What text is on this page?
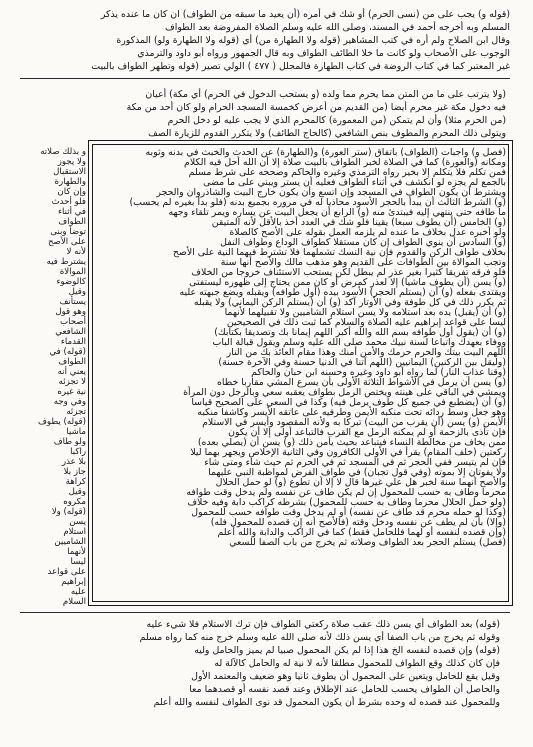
(قوله و) يجب على من (نسى الحرم) أو شك في أمره (أن يعيد ما سبقه من الطواف) ان كان ما عنده يذكر
المسلم وبه أخرجه أحمد في المسند، وصلى الله عليه وسلم الصلاة المفروضة بعد الطواف
وقال ابن الصلاح ولم أره في كتب المشاهير (قوله ولا الطهارة من) أي (قوله ولا الطهارة ولو) المذكورة
الوجوب على الأصحاب ولو كانت ما خلا الطائف الطواف وبه قال الجمهور ورواه أبو داود والترمذي
غير المعتبر كما في كتاب الروضة في كتاب الطهارة فالمحلل ( ٤٧٧ ) الولي تصير (قوله وتطهر الطواف بالبيت
(ولا يترتب على ما من المتن مما يحرم مما ولده (و يستحب الدخول في الحرم) أي مكة) أعيان
فيه دخول مكة غير محرم أيضا (من القديم من أعرض كخمسة المسجد الحرام ولو كان أحد من مكة
(من الحرم مثلا) وأن لم يتمكن (من المعمورة) كالمحرم الذي لا يجب عليه لو دخل الحرم
ويتولى ذلك المحرم والمطوف بنص الشافعي (كالحاج الطائف) ولا يتكرر القدوم للزيارة الصف
(فصل و) واجبات (الطواف) باتفاق (ستر العورة) و(الطهارة) عن الحدث والخبث في بدنه وثوبه
ومكانه (والعورة) كما في الصلاة لخبر الطواف بالبيت صلاة إلا أن الله أحل فيه الكلام
فمن تكلم فلا يتكلم إلا بخير رواه الترمذي وغيره والحاكم وصححه على شرط مسلم
بالجمع لم يجزه لو انكشف في أثناء الطواف فعليه أن يستر ويبني على ما مضى
ويشترط أن يكون الطواف في المسجد وإن اتسع وأن يكون خارج البيت والشاذروان والحجر
(و) الشرط الثالث أن يبدأ بالحجر الأسود محاذيا له في مروره بجميع بدنه (فلو بدأ بغيره لم يحسب)
ما طافه حتى ينتهي إليه فيبتدئ منه (و) الرابع أن يجعل البيت عن يساره ويمر تلقاء وجهه
(و) الخامس (أن يطوف سبعا) يقينا فلو شك في العدد أخذ بالأقل لأنه المتيقن
ولو أخبره عدل بخلاف ما عنده لم يلزمه العمل بقوله على الأصح كالصلاة
(و) السادس أن ينوي الطواف إن كان مستقلا كطواف الوداع وطواف النفل
بخلاف طواف الركن والقدوم فإن نية النسك تشملهما فلا تشترط فيهما النية على الأصح
وتجب الموالاة بين الطوافات على القديم وهو مذهب مالك والأصح أنها سنة
فلو فرقه تفريقا كثيرا بغير عذر لم يبطل لكن يستحب الاستئناف خروجا من الخلاف
(و) يسن (أن يطوف ماشيا) إلا لعذر كمرض أو كان ممن يحتاج إلى ظهوره ليستفتى
ويقتدى بفعله (و) أن (يستلم الحجر) الأسود بيده (أول طوافه) ويقبله ويضع جبهته عليه
ثم يكرر ذلك في كل طوفة وفي الأوتار آكد (و) أن (يستلم الركن اليماني) ولا يقبله
(و) أن (يقبل) يده بعد استلامه ولا يسن استلام الشاميين ولا تقبيلهما لأنهما
ليسا على قواعد إبراهيم عليه الصلاة والسلام كما ثبت ذلك في الصحيحين
(و) أن (يقول أول طوافه بسم الله والله أكبر اللهم إيمانا بك وتصديقا بكتابك)
ووفاء بعهدك واتباعا لسنة نبيك محمد صلى الله عليه وسلم ويقول قبالة الباب
اللهم البيت بيتك والحرم حرمك والأمن أمنك وهذا مقام العائذ بك من النار
(وليقل بين الركنين) اليمانيين (اللهم آتنا في الدنيا حسنة وفي الآخرة حسنة)
(وقنا عذاب النار) لما رواه أبو داود وغيره وحسنه ابن حبان والحاكم
(و) يسن أن يرمل في الأشواط الثلاثة الأولى بأن يسرع المشي مقاربا خطاه
ويمشي في الباقي على هينته ويختص الرمل بطواف يعقبه سعي وبالرجل دون المرأة
(و) أن (يضطبع في جميع كل طوف يرمل فيه) وكذا في السعي على الصحيح قياسا
وهو جعل وسط ردائه تحت منكبه الأيمن وطرفيه على عاتقه الأيسر وكاشفا منكبه
الأيمن (و) يسن (أن يقرب من البيت) تبركا به ولأنه المقصود وأيسر في الاستلام
فإن تأذى بالزحمة أو لم يمكنه الرمل مع القرب فالتباعد أولى إلا أن يكون
ممن يخاف من مخالطة النساء فيتباعد بحيث يأمن ذلك (و) يسن أن (يصلي بعده)
ركعتين (خلف المقام) يقرأ في الأولى الكافرون وفي الثانية الإخلاص ويجهر بهما ليلا
فإن لم يتيسر ففي الحجر ثم في المسجد ثم في الحرم ثم حيث شاء ومتى شاء
ولا يفوتان إلا بموته (وفي قول تجبان) في طواف الفرض لمواظبة النبي عليهما
والأصح أنهما سنة لخبر هل علي غيرها قال لا إلا أن تطوع (و) لو حمل الحلال
محرما وطاف به حسب للمحمول إن لم يكن طاف عن نفسه ولم يدخل وقت طوافه
(ولو حمل الحلال محرما وطاف به حسب للمحمول) بشرطه كراكب دابة وفيه خلاف
(وكذا لو حمله محرم قد طاف عن نفسه) أو لم يدخل وقت طوافه حسب للمحمول
(وإلا) بأن لم يطف عن نفسه ودخل وقته (فالأصح أنه إن قصده للمحمول فله)
(وإن قصده لنفسه أو لهما فللحامل فقط) كما في الراكب والدابة والله أعلم
(فصل) يستلم الحجر بعد الطواف وصلاته ثم يخرج من باب الصفا للسعي
و بذلك صلاته
ولا يجوز
الاستقبال
والطهارة
وإن كان
فلو أحدث
في أثناء
الطواف
توضأ وبنى
على الأصح
لأنه لا
يشترط فيه
الموالاة
كالوضوء
وقيل
يستأنف
وهو قول
أصحاب
الشافعي
القدماء
(قوله) في
الطواف
يعني أنه
لا تجزئه
نية غيره
وفي وجه
تجزئه
(قوله) يطوف
ماشيا
ولو طاف
راكبا
بلا عذر
جاز بلا
كراهة
وقيل
مكروه
(قوله) ولا
يسن
استلام
الشاميين
لأنهما
ليسا
على قواعد
إبراهيم
عليه
السلام
(قوله) بعد الطواف أي يسن ذلك عقب صلاة ركعتي الطواف فإن ترك الاستلام فلا شيء عليه
وقوله ثم يخرج من باب الصفا أي يسن ذلك لأنه صلى الله عليه وسلم خرج منه كما رواه مسلم
(قوله) وإن قصده لنفسه الخ هذا إذا لم يكن المحمول صبيا لم يميز والحامل وليه
فإن كان كذلك وقع الطواف للمحمول مطلقا لأنه لا نية له والحامل كالآلة له
وقيل يقع للحامل ويتعين على المحمول أن يطوف ثانيا وهو ضعيف والمعتمد الأول
والحاصل أن الطواف يحسب للحامل عند الإطلاق وعند قصد نفسه أو قصدهما معا
وللمحمول عند قصده له وحده بشرط أن يكون المحمول قد نوى الطواف لنفسه والله أعلم
